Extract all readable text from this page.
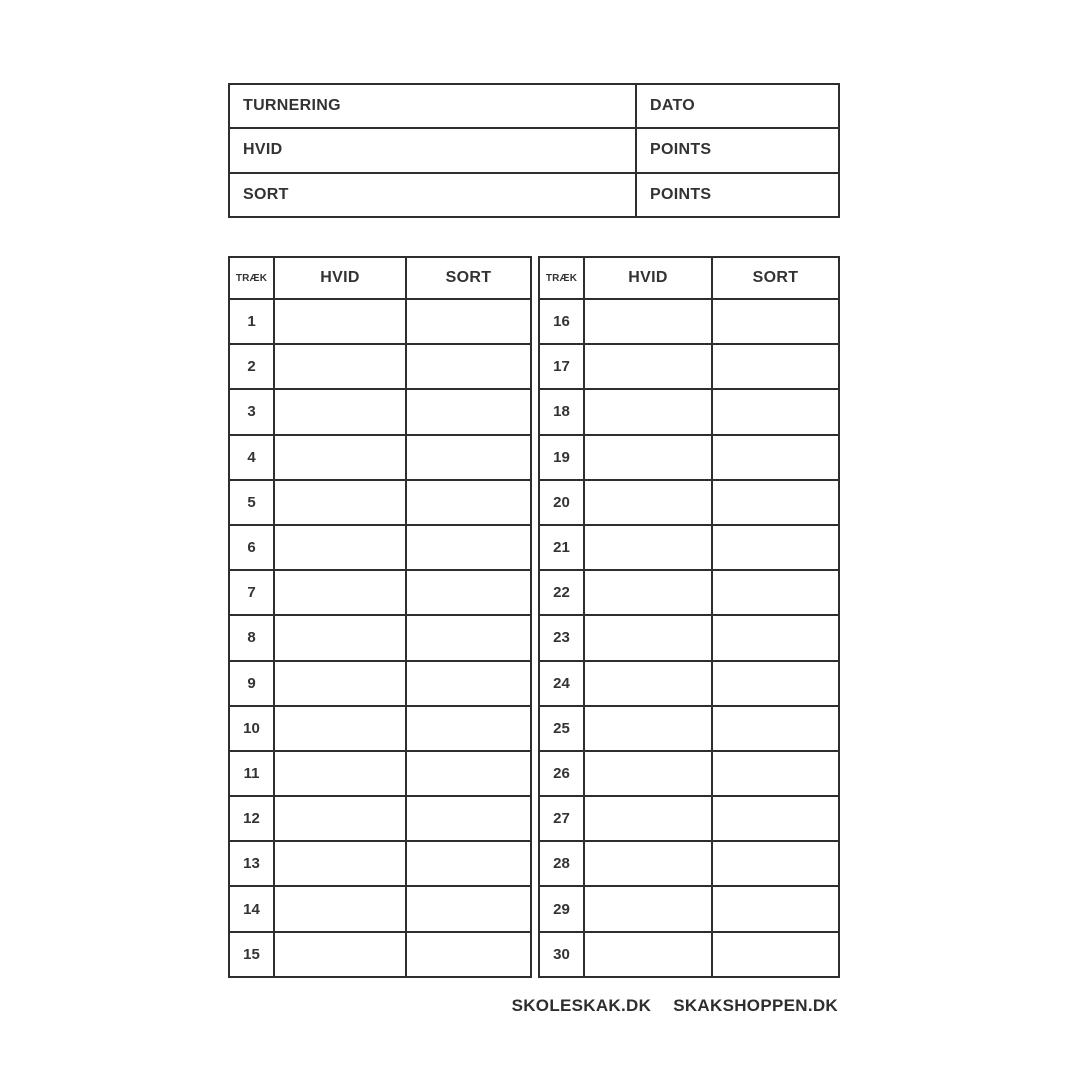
TURNERING	DATO
HVID	POINTS
SORT	POINTS
TRÆK	HVID	SORT
1		
2		
3		
4		
5		
6		
7		
8		
9		
10		
11		
12		
13		
14		
15		
TRÆK	HVID	SORT
16		
17		
18		
19		
20		
21		
22		
23		
24		
25		
26		
27		
28		
29		
30		
SKOLESKAK.DK SKAKSHOPPEN.DK
